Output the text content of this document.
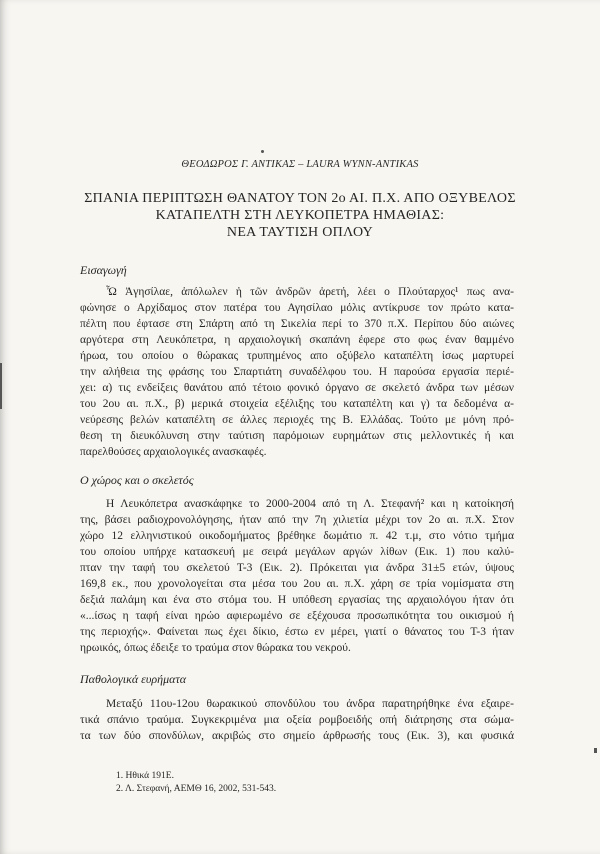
ΘΕΟΔΩΡΟΣ Γ. ΑΝΤΙΚΑΣ – LAURA WYNN-ANTIKAS
ΣΠΑΝΙΑ ΠΕΡΙΠΤΩΣΗ ΘΑΝΑΤΟΥ ΤΟΝ 2ο ΑΙ. Π.Χ. ΑΠΟ ΟΞΥΒΕΛΟΣ
ΚΑΤΑΠΕΛΤΗ ΣΤΗ ΛΕΥΚΟΠΕΤΡΑ ΗΜΑΘΙΑΣ:
ΝΕΑ ΤΑΥΤΙΣΗ ΟΠΛΟΥ
Εισαγωγή
Ὦ Ἀγησίλαε, ἀπόλωλεν ἡ τῶν ἀνδρῶν ἀρετή, λέει ο Πλούταρχος¹ πως ανα-
φώνησε ο Αρχίδαμος στον πατέρα του Αγησίλαο μόλις αντίκρυσε τον πρώτο κατα-
πέλτη που έφτασε στη Σπάρτη από τη Σικελία περί το 370 π.Χ. Περίπου δύο αιώνες
αργότερα στη Λευκόπετρα, η αρχαιολογική σκαπάνη έφερε στο φως έναν θαμμένο
ήρωα, του οποίου ο θώρακας τρυπημένος απο οξύβελο καταπέλτη ίσως μαρτυρεί
την αλήθεια της φράσης του Σπαρτιάτη συναδέλφου του. Η παρούσα εργασία περιέ-
χει: α) τις ενδείξεις θανάτου από τέτοιο φονικό όργανο σε σκελετό άνδρα των μέσων
του 2ου αι. π.Χ., β) μερικά στοιχεία εξέλιξης του καταπέλτη και γ) τα δεδομένα α-
νεύρεσης βελών καταπέλτη σε άλλες περιοχές της Β. Ελλάδας. Τούτο με μόνη πρό-
θεση τη διευκόλυνση στην ταύτιση παρόμοιων ευρημάτων στις μελλοντικές ή και
παρελθούσες αρχαιολογικές ανασκαφές.
Ο χώρος και ο σκελετός
Η Λευκόπετρα ανασκάφηκε το 2000-2004 από τη Λ. Στεφανή² και η κατοίκησή
της, βάσει ραδιοχρονολόγησης, ήταν από την 7η χιλιετία μέχρι τον 2ο αι. π.Χ. Στον
χώρο 12 ελληνιστικού οικοδομήματος βρέθηκε δωμάτιο π. 42 τ.μ, στο νότιο τμήμα
του οποίου υπήρχε κατασκευή με σειρά μεγάλων αργών λίθων (Εικ. 1) που καλύ-
πταν την ταφή του σκελετού Τ-3 (Εικ. 2). Πρόκειται για άνδρα 31±5 ετών, ύψους
169,8 εκ., που χρονολογείται στα μέσα του 2ου αι. π.Χ. χάρη σε τρία νομίσματα στη
δεξιά παλάμη και ένα στο στόμα του. Η υπόθεση εργασίας της αρχαιολόγου ήταν ότι
«...ίσως η ταφή είναι ηρώο αφιερωμένο σε εξέχουσα προσωπικότητα του οικισμού ή
της περιοχής». Φαίνεται πως έχει δίκιο, έστω εν μέρει, γιατί ο θάνατος του Τ-3 ήταν
ηρωικός, όπως έδειξε το τραύμα στον θώρακα του νεκρού.
Παθολογικά ευρήματα
Μεταξύ 11ου-12ου θωρακικού σπονδύλου του άνδρα παρατηρήθηκε ένα εξαιρε-
τικά σπάνιο τραύμα. Συγκεκριμένα μια οξεία ρομβοειδής οπή διάτρησης στα σώμα-
τα των δύο σπονδύλων, ακριβώς στο σημείο άρθρωσής τους (Εικ. 3), και φυσικά
1. Ηθικά 191Ε.
2. Λ. Στεφανή, ΑΕΜΘ 16, 2002, 531-543.
